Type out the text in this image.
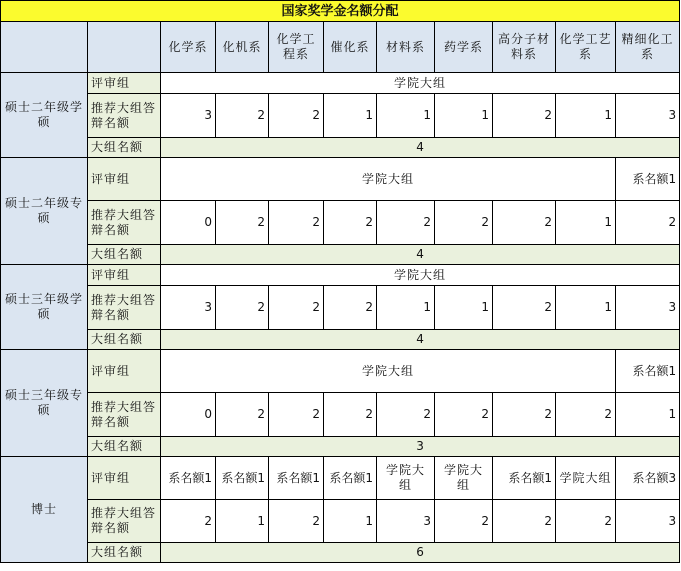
国家奖学金名额分配										
		化学系	化机系	化学工程系	催化系	材料系	药学系	高分子材料系	化学工艺系	精细化工系
硕士二年级学硕	评审组	学院大组								
	推荐大组答辩名额	3	2	2	1	1	1	2	1	3
	大组名额	4								
硕士二年级专硕	评审组	学院大组								系名额1
	推荐大组答辩名额	0	2	2	2	2	2	2	1	2
	大组名额	4								
硕士三年级学硕	评审组	学院大组								
	推荐大组答辩名额	3	2	2	2	1	1	2	1	3
	大组名额	4								
硕士三年级专硕	评审组	学院大组								系名额1
	推荐大组答辩名额	0	2	2	2	2	2	2	2	1
	大组名额	3								
博士	评审组	系名额1	系名额1	系名额1	系名额1	学院大组	学院大组	系名额1	学院大组	系名额3
	推荐大组答辩名额	2	1	2	1	3	2	2	2	3
	大组名额	6								
